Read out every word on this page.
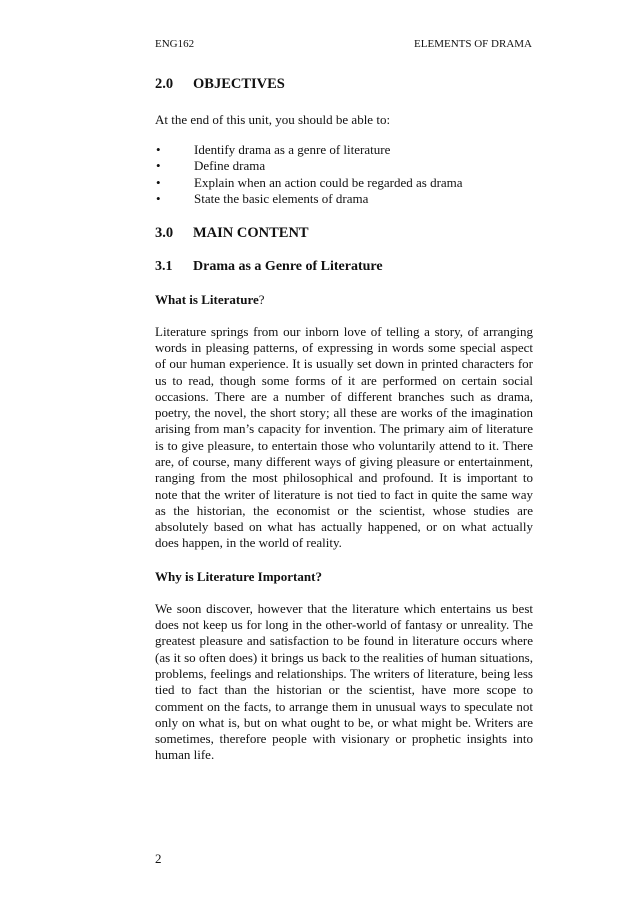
ENG162	ELEMENTS OF DRAMA
2.0	OBJECTIVES

At the end of this unit, you should be able to:

•	Identify drama as a genre of literature
•	Define drama
•	Explain when an action could be regarded as drama
•	State the basic elements of drama
3.0	MAIN CONTENT
3.1	Drama as a Genre of Literature

What is Literature?

Literature springs from our inborn love of telling a story, of arranging words in pleasing patterns, of expressing in words some special aspect of our human experience. It is usually set down in printed characters for us to read, though some forms of it are performed on certain social occasions. There are a number of different branches such as drama, poetry, the novel, the short story; all these are works of the imagination arising from man’s capacity for invention. The primary aim of literature is to give pleasure, to entertain those who voluntarily attend to it. There are, of course, many different ways of giving pleasure or entertainment, ranging from the most philosophical and profound. It is important to note that the writer of literature is not tied to fact in quite the same way as the historian, the economist or the scientist, whose studies are absolutely based on what has actually happened, or on what actually does happen, in the world of reality.

Why is Literature Important?

We soon discover, however that the literature which entertains us best does not keep us for long in the other-world of fantasy or unreality. The greatest pleasure and satisfaction to be found in literature occurs where (as it so often does) it brings us back to the realities of human situations, problems, feelings and relationships. The writers of literature, being less tied to fact than the historian or the scientist, have more scope to comment on the facts, to arrange them in unusual ways to speculate not only on what is, but on what ought to be, or what might be. Writers are sometimes, therefore people with visionary or prophetic insights into human life.

2
